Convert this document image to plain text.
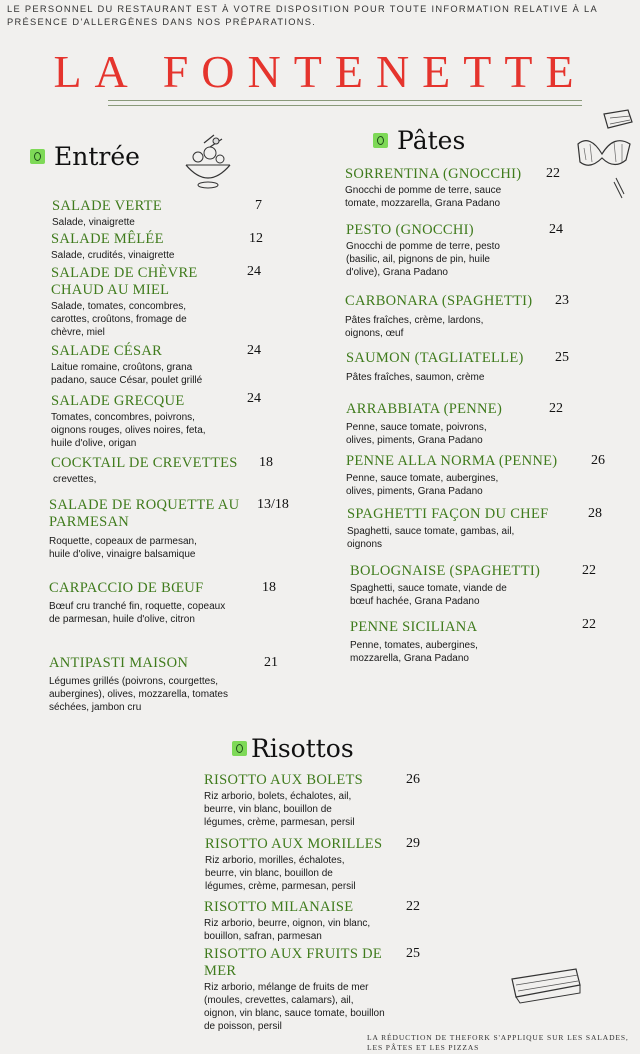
LE PERSONNEL DU RESTAURANT EST À VOTRE DISPOSITION POUR TOUTE INFORMATION RELATIVE À LA PRÉSENCE D'ALLERGÈNES DANS NOS PRÉPARATIONS.
LA FONTENETTE
Entrée
Pâtes
Risottos
SALADE VERTE
Salade, vinaigrette
7
SALADE MÊLÉE
Salade, crudités, vinaigrette
12
SALADE DE CHÈVRE CHAUD AU MIEL
Salade, tomates, concombres, carottes, croûtons, fromage de chèvre, miel
24
SALADE CÉSAR
Laitue romaine, croûtons, grana padano, sauce César, poulet grillé
24
SALADE GRECQUE
Tomates, concombres, poivrons, oignons rouges, olives noires, feta, huile d'olive, origan
24
COCKTAIL DE CREVETTES
crevettes,
18
SALADE DE ROQUETTE AU PARMESAN
Roquette, copeaux de parmesan, huile d'olive, vinaigre balsamique
13/18
CARPACCIO DE BŒUF
Bœuf cru tranché fin, roquette, copeaux de parmesan, huile d'olive, citron
18
ANTIPASTI MAISON
Légumes grillés (poivrons, courgettes, aubergines), olives, mozzarella, tomates séchées, jambon cru
21
SORRENTINA (GNOCCHI)
Gnocchi de pomme de terre, sauce tomate, mozzarella, Grana Padano
22
PESTO (GNOCCHI)
Gnocchi de pomme de terre, pesto (basilic, ail, pignons de pin, huile d'olive), Grana Padano
24
CARBONARA (SPAGHETTI)
Pâtes fraîches, crème, lardons, oignons, œuf
23
SAUMON (TAGLIATELLE)
Pâtes fraîches, saumon, crème
25
ARRABBIATA (PENNE)
Penne, sauce tomate, poivrons, olives, piments, Grana Padano
22
PENNE ALLA NORMA (PENNE)
Penne, sauce tomate, aubergines, olives, piments, Grana Padano
26
SPAGHETTI FAÇON DU CHEF
Spaghetti, sauce tomate, gambas, ail, oignons
28
BOLOGNAISE (SPAGHETTI)
Spaghetti, sauce tomate, viande de bœuf hachée, Grana Padano
22
PENNE SICILIANA
Penne, tomates, aubergines, mozzarella, Grana Padano
22
RISOTTO AUX BOLETS
Riz arborio, bolets, échalotes, ail, beurre, vin blanc, bouillon de légumes, crème, parmesan, persil
26
RISOTTO AUX MORILLES
Riz arborio, morilles, échalotes, beurre, vin blanc, bouillon de légumes, crème, parmesan, persil
29
RISOTTO MILANAISE
Riz arborio, beurre, oignon, vin blanc, bouillon, safran, parmesan
22
RISOTTO AUX FRUITS DE MER
Riz arborio, mélange de fruits de mer (moules, crevettes, calamars), ail, oignon, vin blanc, sauce tomate, bouillon de poisson, persil
25
LA RÉDUCTION DE THEFORK S'APPLIQUE SUR LES SALADES, LES PÂTES ET LES PIZZAS
